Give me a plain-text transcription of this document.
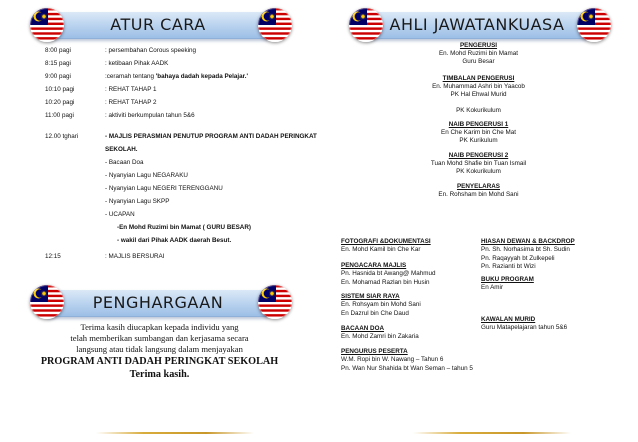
ATUR CARA
8:00 pagi	: persembahan Corous speeking
8:15 pagi	: ketibaan Pihak AADK
9:00 pagi	:ceramah tentang 'bahaya dadah kepada Pelajar.'
10:10 pagi	: REHAT TAHAP 1
10:20 pagi	: REHAT TAHAP 2
11:00 pagi	: aktiviti berkumpulan tahun 5&6
12.00 tghari	- MAJLIS PERASMIAN PENUTUP PROGRAM ANTI DADAH PERINGKAT
SEKOLAH.
- Bacaan Doa
- Nyanyian Lagu NEGARAKU
- Nyanyian Lagu NEGERI TERENGGANU
- Nyanyian Lagu SKPP
- UCAPAN
-En Mohd Ruzimi bin Mamat ( GURU BESAR)
- wakil dari Pihak AADK daerah Besut.
12:15	: MAJLIS BERSURAI
PENGHARGAAN
Terima kasih diucapkan kepada individu yang
telah memberikan sumbangan dan kerjasama secara
langsung atau tidak langsung dalam menjayakan
PROGRAM ANTI DADAH PERINGKAT SEKOLAH
Terima kasih.
AHLI JAWATANKUASA
PENGERUSI
En. Mohd Ruzimi bin Mamat
Guru Besar
TIMBALAN PENGERUSI
En. Muhammad Ashri bin Yaacob
PK Hal Ehwal Murid
PK Kokurikulum
NAIB PENGERUSI 1
En Che Karim bin Che Mat
PK Kurikulum
NAIB PENGERUSI 2
Tuan Mohd Shafie bin Tuan Ismail
PK Kokurikulum
PENYELARAS
En. Rohsham bin Mohd Sani
FOTOGRAFI &DOKUMENTASI
En. Mohd Kamil bin Che Kar
PENGACARA MAJLIS
Pn. Hasnida bt Awang@ Mahmud
En. Mohamad Razlan bin Husin
SISTEM SIAR RAYA
En. Rohsyam bin Mohd Sani
En Dazrul bin Che Daud
BACAAN DOA
En. Mohd Zamri bin Zakaria
PENGURUS PESERTA
W.M. Ropi bin W. Nawang – Tahun 6
Pn. Wan Nur Shahida bt Wan Seman – tahun 5
HIASAN DEWAN & BACKDROP
Pn. Sh. Norhasima bt Sh. Sudin
Pn. Raqayyah bt Zulkepeli
Pn. Razianti bt Wizi
BUKU PROGRAM
En Amir
KAWALAN MURID
Guru Matapelajaran tahun 5&6
